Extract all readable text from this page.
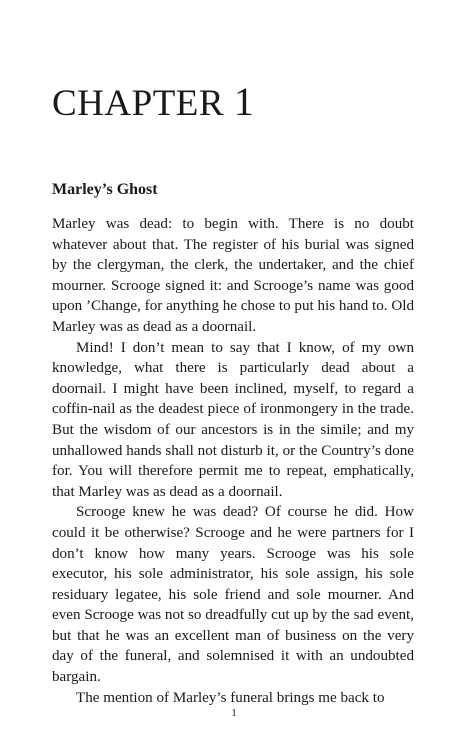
CHAPTER 1
Marley’s Ghost

Marley was dead: to begin with. There is no doubt whatever about that. The register of his burial was signed by the clergyman, the clerk, the undertaker, and the chief mourner. Scrooge signed it: and Scrooge’s name was good upon ’Change, for anything he chose to put his hand to. Old Marley was as dead as a doornail.

Mind! I don’t mean to say that I know, of my own knowledge, what there is particularly dead about a doornail. I might have been inclined, myself, to regard a coffin-nail as the deadest piece of ironmongery in the trade. But the wisdom of our ancestors is in the simile; and my unhallowed hands shall not disturb it, or the Country’s done for. You will therefore permit me to repeat, emphatically, that Marley was as dead as a doornail.

Scrooge knew he was dead? Of course he did. How could it be otherwise? Scrooge and he were partners for I don’t know how many years. Scrooge was his sole executor, his sole administrator, his sole assign, his sole residuary legatee, his sole friend and sole mourner. And even Scrooge was not so dreadfully cut up by the sad event, but that he was an excellent man of business on the very day of the funeral, and solemnised it with an undoubted bargain.

The mention of Marley’s funeral brings me back to

1
